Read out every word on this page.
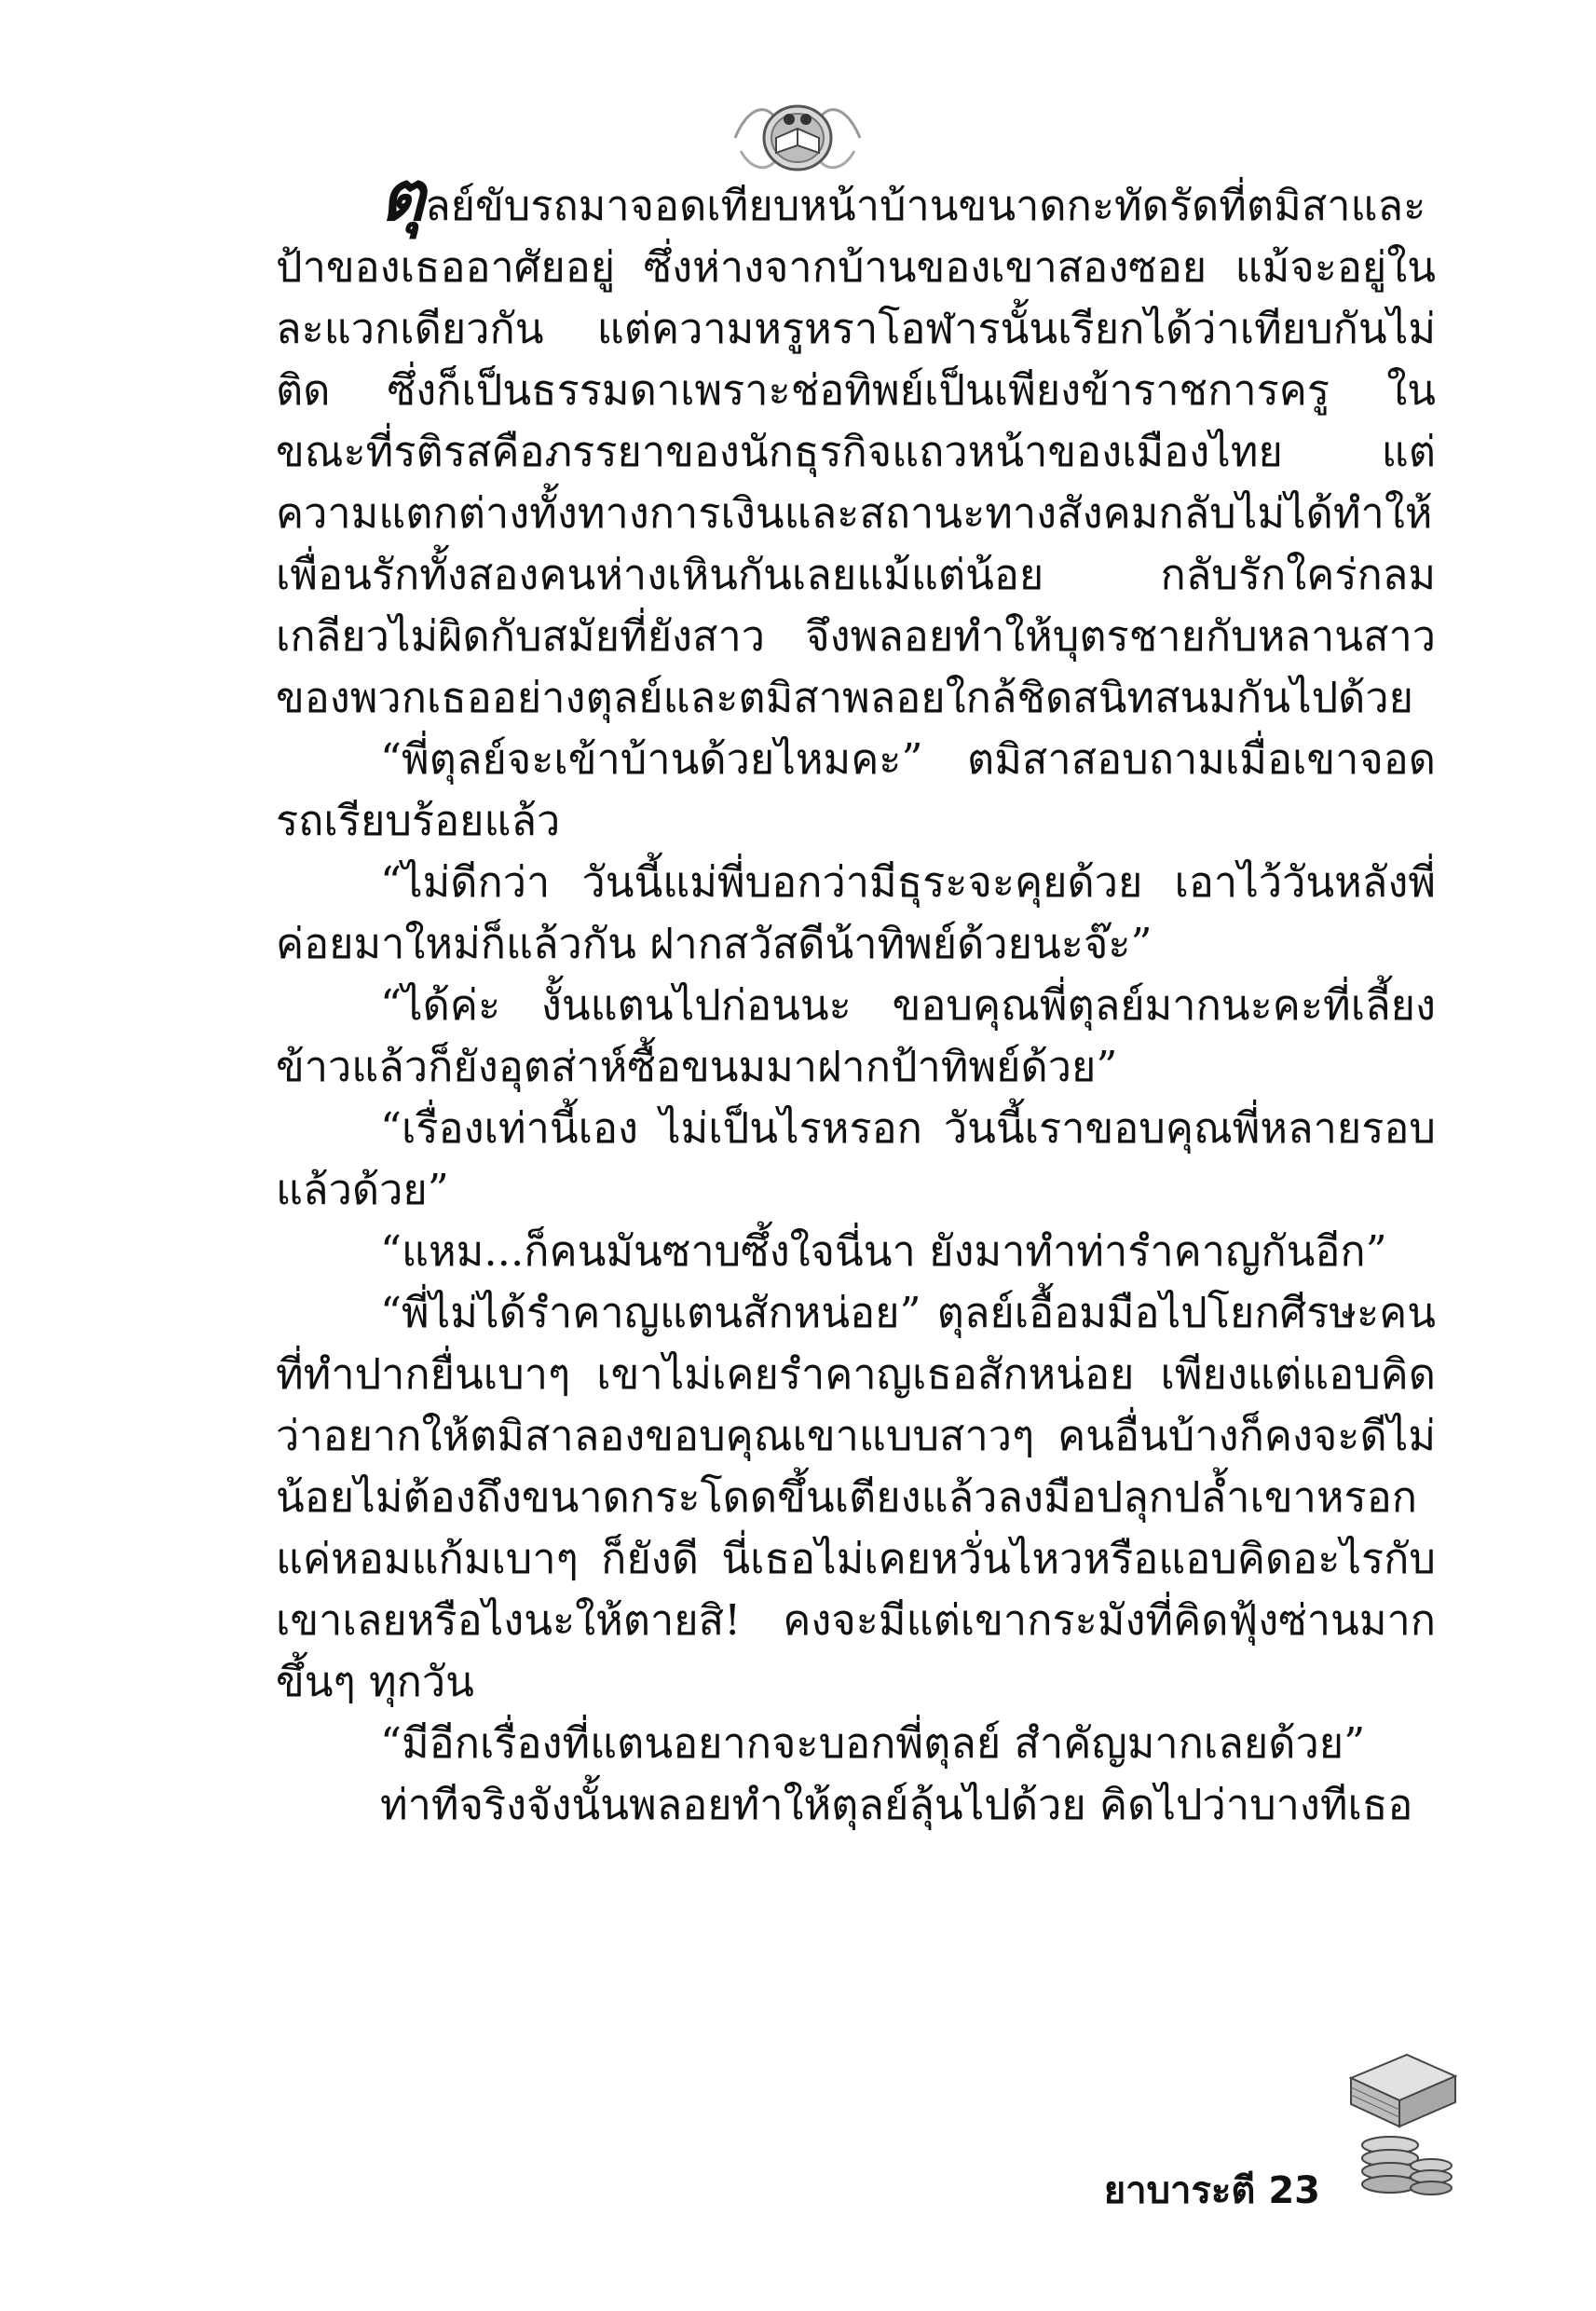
ตุลย์ขับรถมาจอดเทียบหน้าบ้านขนาดกะทัดรัดที่ตมิสาและป้าของเธออาศัยอยู่ ซึ่งห่างจากบ้านของเขาสองซอย แม้จะอยู่ในละแวกเดียวกัน แต่ความหรูหราโอฬารนั้นเรียกได้ว่าเทียบกันไม่ติด ซึ่งก็เป็นธรรมดาเพราะช่อทิพย์เป็นเพียงข้าราชการครู ในขณะที่รติรสคือภรรยาของนักธุรกิจแถวหน้าของเมืองไทย แต่ความแตกต่างทั้งทางการเงินและสถานะทางสังคมกลับไม่ได้ทำให้เพื่อนรักทั้งสองคนห่างเหินกันเลยแม้แต่น้อย กลับรักใคร่กลมเกลียวไม่ผิดกับสมัยที่ยังสาว จึงพลอยทำให้บุตรชายกับหลานสาวของพวกเธออย่างตุลย์และตมิสาพลอยใกล้ชิดสนิทสนมกันไปด้วย

“พี่ตุลย์จะเข้าบ้านด้วยไหมคะ” ตมิสาสอบถามเมื่อเขาจอดรถเรียบร้อยแล้ว

“ไม่ดีกว่า วันนี้แม่พี่บอกว่ามีธุระจะคุยด้วย เอาไว้วันหลังพี่ค่อยมาใหม่ก็แล้วกัน ฝากสวัสดีน้าทิพย์ด้วยนะจ๊ะ”

“ได้ค่ะ งั้นแตนไปก่อนนะ ขอบคุณพี่ตุลย์มากนะคะที่เลี้ยงข้าวแล้วก็ยังอุตส่าห์ซื้อขนมมาฝากป้าทิพย์ด้วย”

“เรื่องเท่านี้เอง ไม่เป็นไรหรอก วันนี้เราขอบคุณพี่หลายรอบแล้วด้วย”

“แหม...ก็คนมันซาบซึ้งใจนี่นา ยังมาทำท่ารำคาญกันอีก”

“พี่ไม่ได้รำคาญแตนสักหน่อย” ตุลย์เอื้อมมือไปโยกศีรษะคนที่ทำปากยื่นเบาๆ เขาไม่เคยรำคาญเธอสักหน่อย เพียงแต่แอบคิดว่าอยากให้ตมิสาลองขอบคุณเขาแบบสาวๆ คนอื่นบ้างก็คงจะดีไม่น้อยไม่ต้องถึงขนาดกระโดดขึ้นเตียงแล้วลงมือปลุกปล้ำเขาหรอก แค่หอมแก้มเบาๆ ก็ยังดี นี่เธอไม่เคยหวั่นไหวหรือแอบคิดอะไรกับเขาเลยหรือไงนะให้ตายสิ! คงจะมีแต่เขากระมังที่คิดฟุ้งซ่านมากขึ้นๆ ทุกวัน

“มีอีกเรื่องที่แตนอยากจะบอกพี่ตุลย์ สำคัญมากเลยด้วย”

ท่าทีจริงจังนั้นพลอยทำให้ตุลย์ลุ้นไปด้วย คิดไปว่าบางทีเธอ

ยาบาระตี 23
